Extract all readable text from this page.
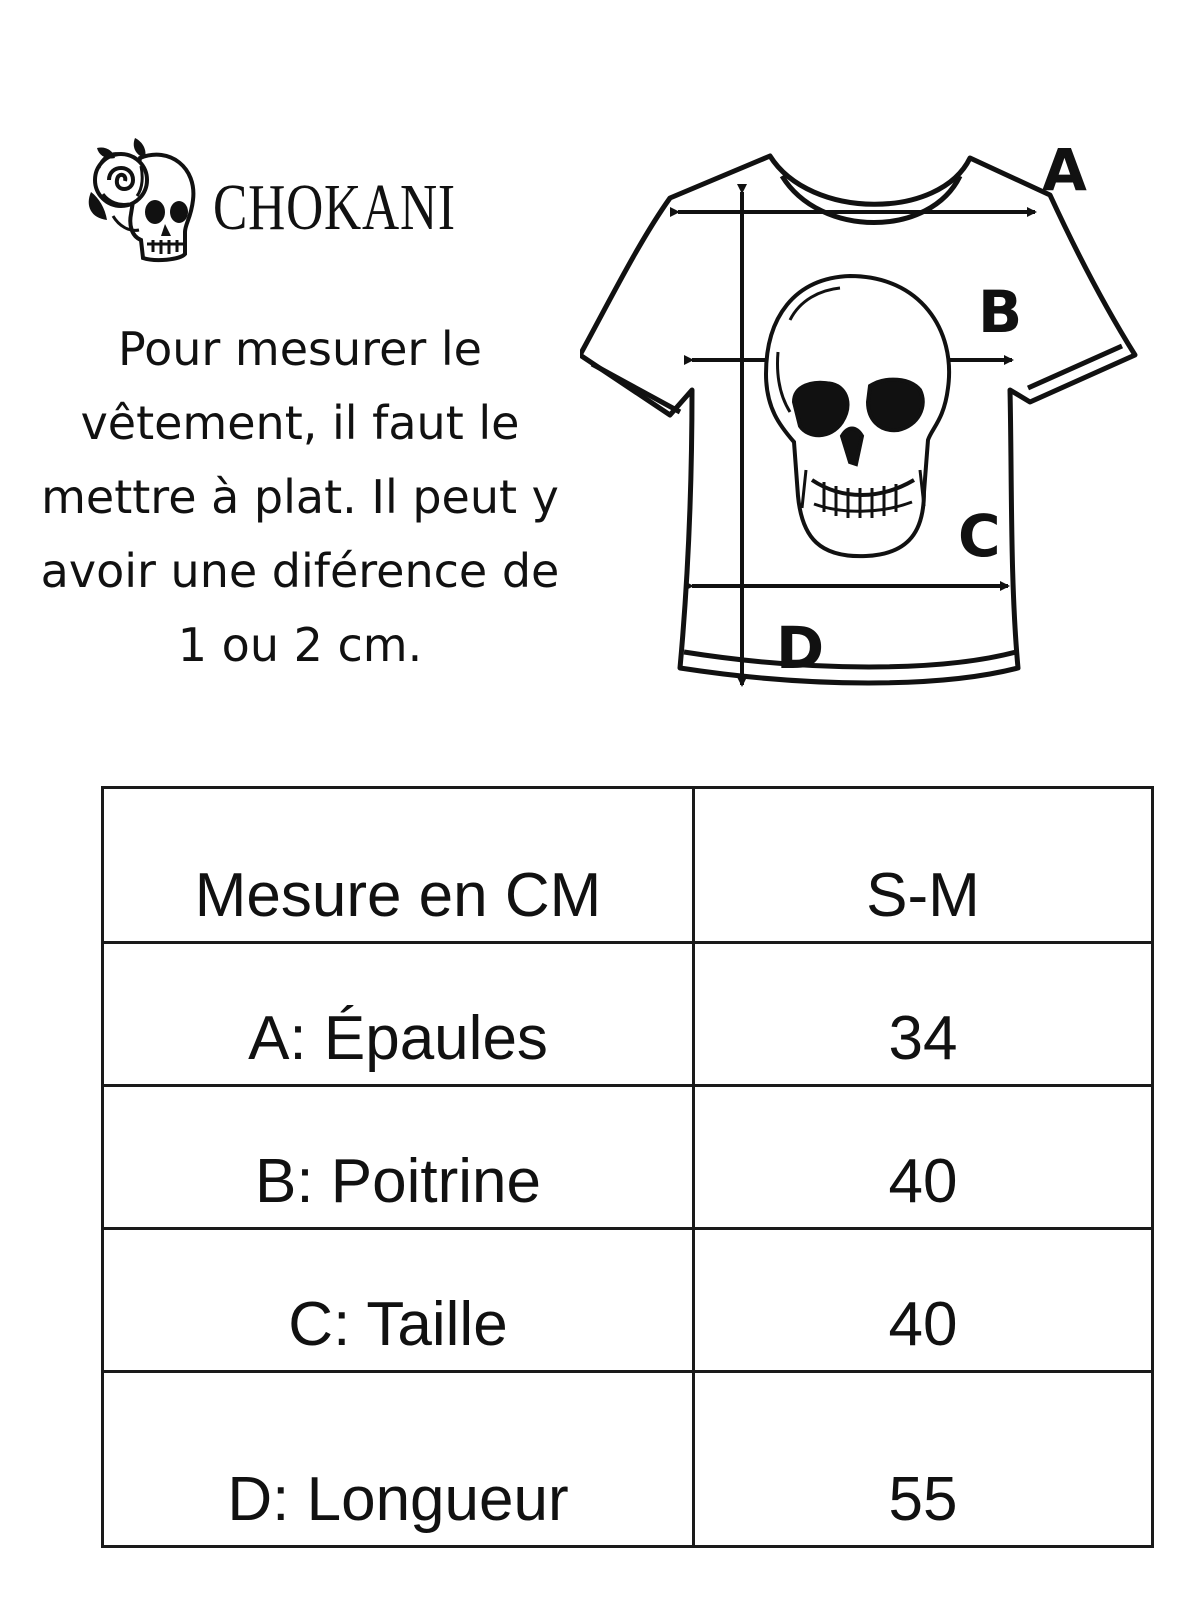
CHOKANI
Pour mesurer le
vêtement, il faut le
mettre à plat. Il peut y
avoir une diférence de
1 ou 2 cm.
A
B
C
D
Mesure en CM	S-M
A: Épaules	34
B: Poitrine	40
C: Taille	40
D: Longueur	55
